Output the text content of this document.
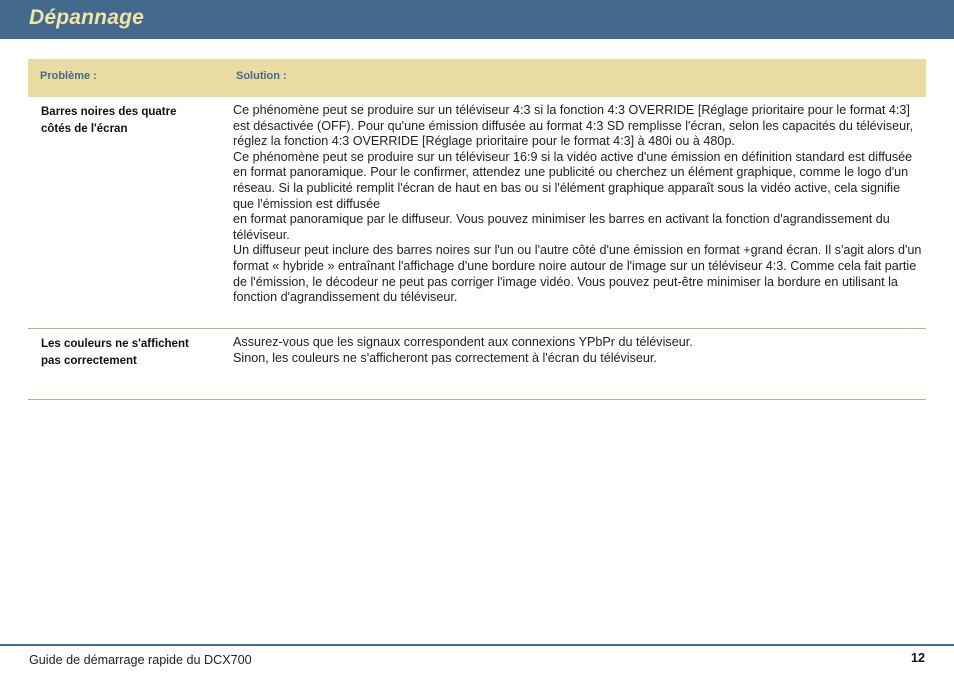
Dépannage
Problème :	Solution :
Barres noires des quatre
côtés de l'écran
Ce phénomène peut se produire sur un téléviseur 4:3 si la fonction 4:3 OVERRIDE [Réglage prioritaire pour le format 4:3] est désactivée (OFF). Pour qu'une émission diffusée au format 4:3 SD remplisse l'écran, selon les capacités du téléviseur, réglez la fonction 4:3 OVERRIDE [Réglage prioritaire pour le format 4:3] à 480i ou à 480p.
Ce phénomène peut se produire sur un téléviseur 16:9 si la vidéo active d'une émission en définition standard est diffusée en format panoramique. Pour le confirmer, attendez une publicité ou cherchez un élément graphique, comme le logo d'un réseau. Si la publicité remplit l'écran de haut en bas ou si l'élément graphique apparaît sous la vidéo active, cela signifie que l'émission est diffusée
en format panoramique par le diffuseur. Vous pouvez minimiser les barres en activant la fonction d'agrandissement du téléviseur.
Un diffuseur peut inclure des barres noires sur l'un ou l'autre côté d'une émission en format +grand écran. Il s'agit alors d'un format « hybride » entraînant l'affichage d'une bordure noire autour de l'image sur un téléviseur 4:3. Comme cela fait partie de l'émission, le décodeur ne peut pas corriger l'image vidéo. Vous pouvez peut-être minimiser la bordure en utilisant la fonction d'agrandissement du téléviseur.
Les couleurs ne s'affichent
pas correctement
Assurez-vous que les signaux correspondent aux connexions YPbPr du téléviseur.
Sinon, les couleurs ne s'afficheront pas correctement à l'écran du téléviseur.
Guide de démarrage rapide du DCX700	12
